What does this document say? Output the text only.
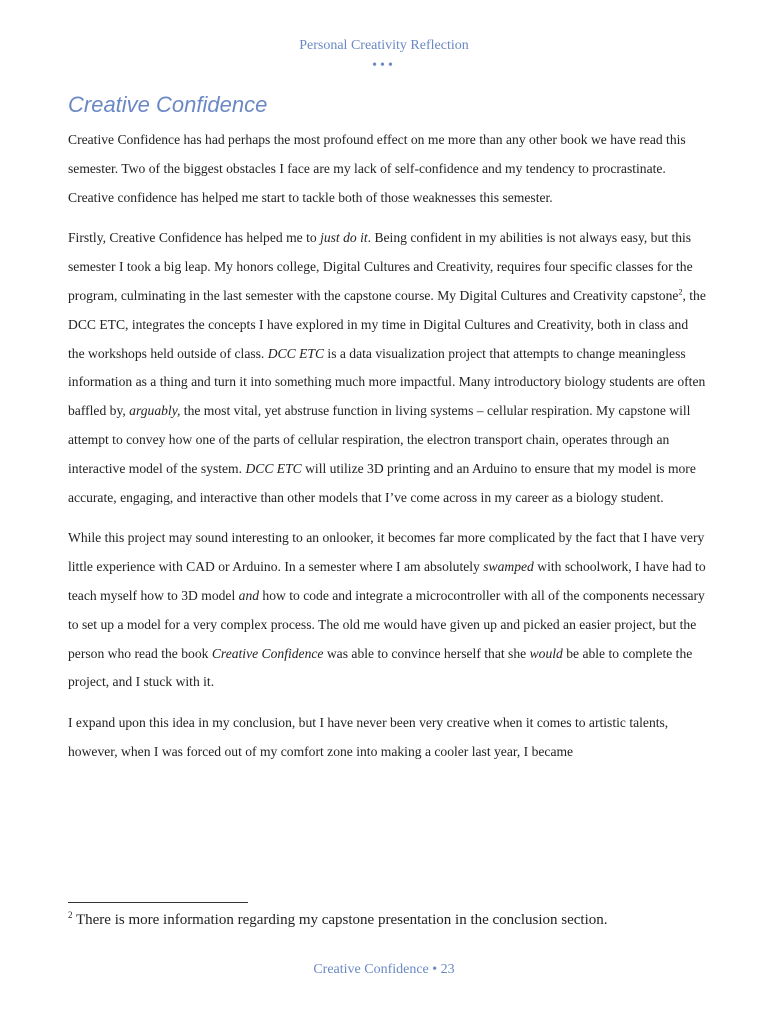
Personal Creativity Reflection
•••
Creative Confidence

Creative Confidence has had perhaps the most profound effect on me more than any other book we have read this semester. Two of the biggest obstacles I face are my lack of self-confidence and my tendency to procrastinate. Creative confidence has helped me start to tackle both of those weaknesses this semester.

Firstly, Creative Confidence has helped me to just do it. Being confident in my abilities is not always easy, but this semester I took a big leap. My honors college, Digital Cultures and Creativity, requires four specific classes for the program, culminating in the last semester with the capstone course. My Digital Cultures and Creativity capstone$^2$, the DCC ETC, integrates the concepts I have explored in my time in Digital Cultures and Creativity, both in class and the workshops held outside of class. DCC ETC is a data visualization project that attempts to change meaningless information as a thing and turn it into something much more impactful. Many introductory biology students are often baffled by, arguably, the most vital, yet abstruse function in living systems – cellular respiration. My capstone will attempt to convey how one of the parts of cellular respiration, the electron transport chain, operates through an interactive model of the system. DCC ETC will utilize 3D printing and an Arduino to ensure that my model is more accurate, engaging, and interactive than other models that I’ve come across in my career as a biology student.

While this project may sound interesting to an onlooker, it becomes far more complicated by the fact that I have very little experience with CAD or Arduino. In a semester where I am absolutely swamped with schoolwork, I have had to teach myself how to 3D model and how to code and integrate a microcontroller with all of the components necessary to set up a model for a very complex process. The old me would have given up and picked an easier project, but the person who read the book Creative Confidence was able to convince herself that she would be able to complete the project, and I stuck with it.

I expand upon this idea in my conclusion, but I have never been very creative when it comes to artistic talents, however, when I was forced out of my comfort zone into making a cooler last year, I became

$^2$ There is more information regarding my capstone presentation in the conclusion section.
Creative Confidence • 23
